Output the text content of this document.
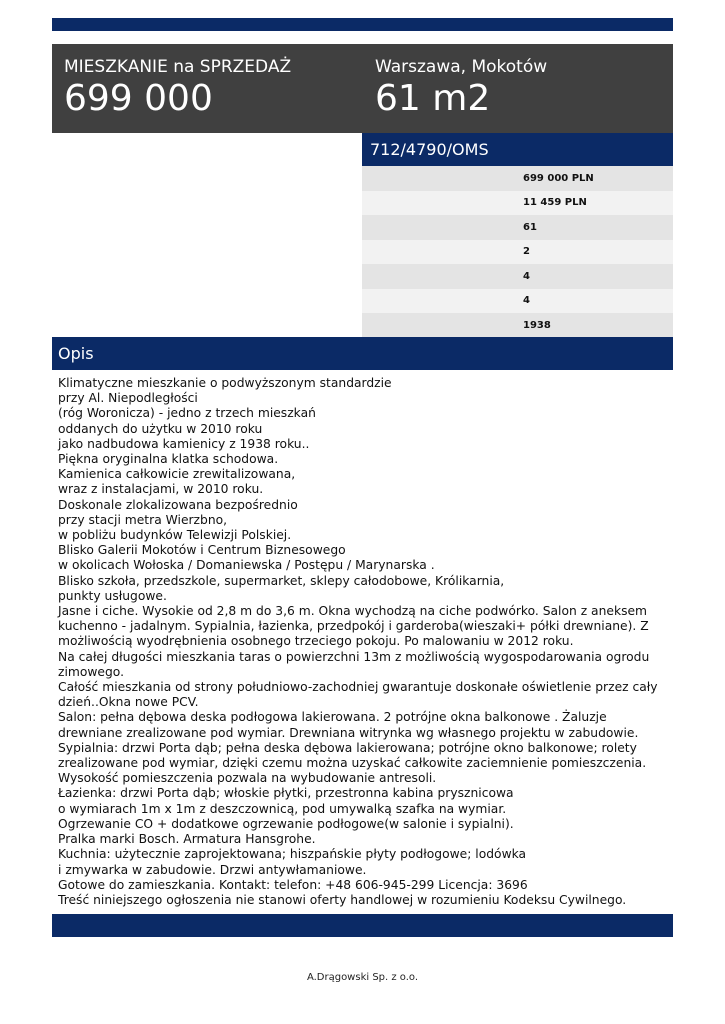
MIESZKANIE na SPRZEDAŻ
699 000
Warszawa, Mokotów
61 m2
712/4790/OMS
699 000 PLN
11 459 PLN
61
2
4
4
1938
Opis
Klimatyczne mieszkanie o podwyższonym standardzie
przy Al. Niepodległości
(róg Woronicza) - jedno z trzech mieszkań
oddanych do użytku w 2010 roku
jako nadbudowa kamienicy z 1938 roku..
Piękna oryginalna klatka schodowa.
Kamienica całkowicie zrewitalizowana,
wraz z instalacjami, w 2010 roku.
Doskonale zlokalizowana bezpośrednio
przy stacji metra Wierzbno,
w pobliżu budynków Telewizji Polskiej.
Blisko Galerii Mokotów i Centrum Biznesowego
w okolicach Wołoska / Domaniewska / Postępu / Marynarska .
Blisko szkoła, przedszkole, supermarket, sklepy całodobowe, Królikarnia,
punkty usługowe.
Jasne i ciche. Wysokie od 2,8 m do 3,6 m. Okna wychodzą na ciche podwórko. Salon z aneksem
kuchenno - jadalnym. Sypialnia, łazienka, przedpokój i garderoba(wieszaki+ półki drewniane). Z
możliwością wyodrębnienia osobnego trzeciego pokoju. Po malowaniu w 2012 roku.
Na całej długości mieszkania taras o powierzchni 13m z możliwością wygospodarowania ogrodu
zimowego.
Całość mieszkania od strony południowo-zachodniej gwarantuje doskonałe oświetlenie przez cały
dzień..Okna nowe PCV.
Salon: pełna dębowa deska podłogowa lakierowana. 2 potrójne okna balkonowe . Żaluzje
drewniane zrealizowane pod wymiar. Drewniana witrynka wg własnego projektu w zabudowie.
Sypialnia: drzwi Porta dąb; pełna deska dębowa lakierowana; potrójne okno balkonowe; rolety
zrealizowane pod wymiar, dzięki czemu można uzyskać całkowite zaciemnienie pomieszczenia.
Wysokość pomieszczenia pozwala na wybudowanie antresoli.
Łazienka: drzwi Porta dąb; włoskie płytki, przestronna kabina prysznicowa
o wymiarach 1m x 1m z deszczownicą, pod umywalką szafka na wymiar.
Ogrzewanie CO + dodatkowe ogrzewanie podłogowe(w salonie i sypialni).
Pralka marki Bosch. Armatura Hansgrohe.
Kuchnia: użytecznie zaprojektowana; hiszpańskie płyty podłogowe; lodówka
i zmywarka w zabudowie. Drzwi antywłamaniowe.
Gotowe do zamieszkania. Kontakt: telefon: +48 606-945-299 Licencja: 3696
Treść niniejszego ogłoszenia nie stanowi oferty handlowej w rozumieniu Kodeksu Cywilnego.
A.Drągowski Sp. z o.o.
